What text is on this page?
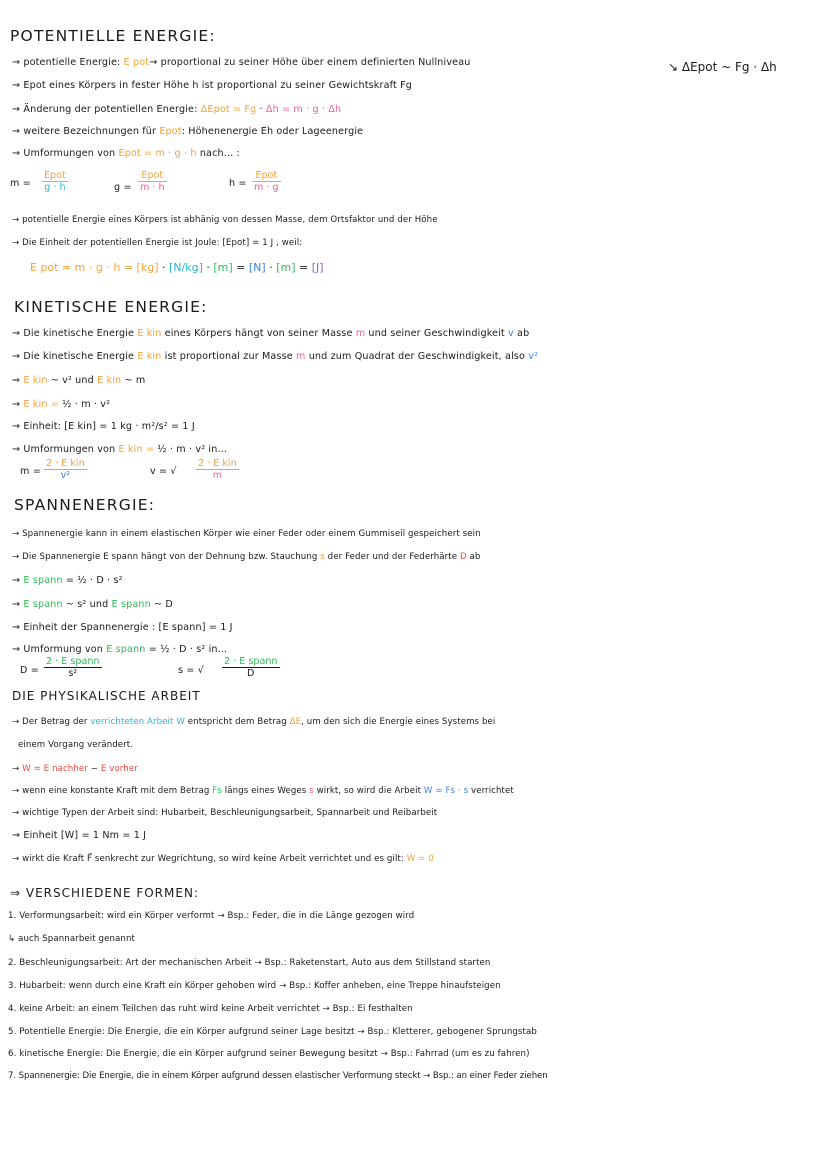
POTENTIELLE ENERGIE:
→ potentielle Energie: E pot→ proportional zu seiner Höhe über einem definierten Nullniveau	↘ ΔEpot ~ Fg · Δh
→ Epot eines Körpers in fester Höhe h ist proportional zu seiner Gewichtskraft Fg
→ Änderung der potentiellen Energie: ΔEpot = Fg · Δh = m · g · Δh
→ weitere Bezeichnungen für Epot: Höhenenergie Eh oder Lageenergie
→ Umformungen von Epot = m · g · h nach... :
m =
Epot
g · h	g =
Epot
m · h	h =
Epot
m · g
→ potentielle Energie eines Körpers ist abhänig von dessen Masse, dem Ortsfaktor und der Höhe
→ Die Einheit der potentiellen Energie ist Joule: [Epot] = 1 J , weil:
E pot = m · g · h = [kg] · [N/kg] · [m] = [N] · [m] = [J]
KINETISCHE ENERGIE:
→ Die kinetische Energie E kin eines Körpers hängt von seiner Masse m und seiner Geschwindigkeit v ab
→ Die kinetische Energie E kin ist proportional zur Masse m und zum Quadrat der Geschwindigkeit, also v²
⇒ E kin ~ v² und E kin ~ m
→ E kin = ½ · m · v²
→ Einheit: [E kin] = 1 kg · m²/s² = 1 J
→ Umformungen von E kin = ½ · m · v² in...
m =
2 · E kin
v²	v = √
2 · E kin
m
SPANNENERGIE:
→ Spannenergie kann in einem elastischen Körper wie einer Feder oder einem Gummiseil gespeichert sein
→ Die Spannenergie E spann hängt von der Dehnung bzw. Stauchung s der Feder und der Federhärte D ab
→ E spann = ½ · D · s²
→ E spann ~ s² und E spann ~ D
→ Einheit der Spannenergie : [E spann] = 1 J
→ Umformung von E spann = ½ · D · s² in...
D =
2 · E spann
s²	s = √
2 · E spann
D
DIE PHYSIKALISCHE ARBEIT
→ Der Betrag der verrichteten Arbeit W entspricht dem Betrag ΔE, um den sich die Energie eines Systems bei
einem Vorgang verändert.
→ W = E nachher − E vorher
→ wenn eine konstante Kraft mit dem Betrag Fs längs eines Weges s wirkt, so wird die Arbeit W = Fs · s verrichtet
→ wichtige Typen der Arbeit sind: Hubarbeit, Beschleunigungsarbeit, Spannarbeit und Reibarbeit
→ Einheit [W] = 1 Nm = 1 J
→ wirkt die Kraft F⃗ senkrecht zur Wegrichtung, so wird keine Arbeit verrichtet und es gilt: W = 0
⇒ VERSCHIEDENE FORMEN:
1. Verformungsarbeit: wird ein Körper verformt → Bsp.: Feder, die in die Länge gezogen wird
↳ auch Spannarbeit genannt
2. Beschleunigungsarbeit: Art der mechanischen Arbeit → Bsp.: Raketenstart, Auto aus dem Stillstand starten
3. Hubarbeit: wenn durch eine Kraft ein Körper gehoben wird → Bsp.: Koffer anheben, eine Treppe hinaufsteigen
4. keine Arbeit: an einem Teilchen das ruht wird keine Arbeit verrichtet → Bsp.: Ei festhalten
5. Potentielle Energie: Die Energie, die ein Körper aufgrund seiner Lage besitzt → Bsp.: Kletterer, gebogener Sprungstab
6. kinetische Energie: Die Energie, die ein Körper aufgrund seiner Bewegung besitzt → Bsp.: Fahrrad (um es zu fahren)
7. Spannenergie: Die Energie, die in einem Körper aufgrund dessen elastischer Verformung steckt → Bsp.: an einer Feder ziehen
